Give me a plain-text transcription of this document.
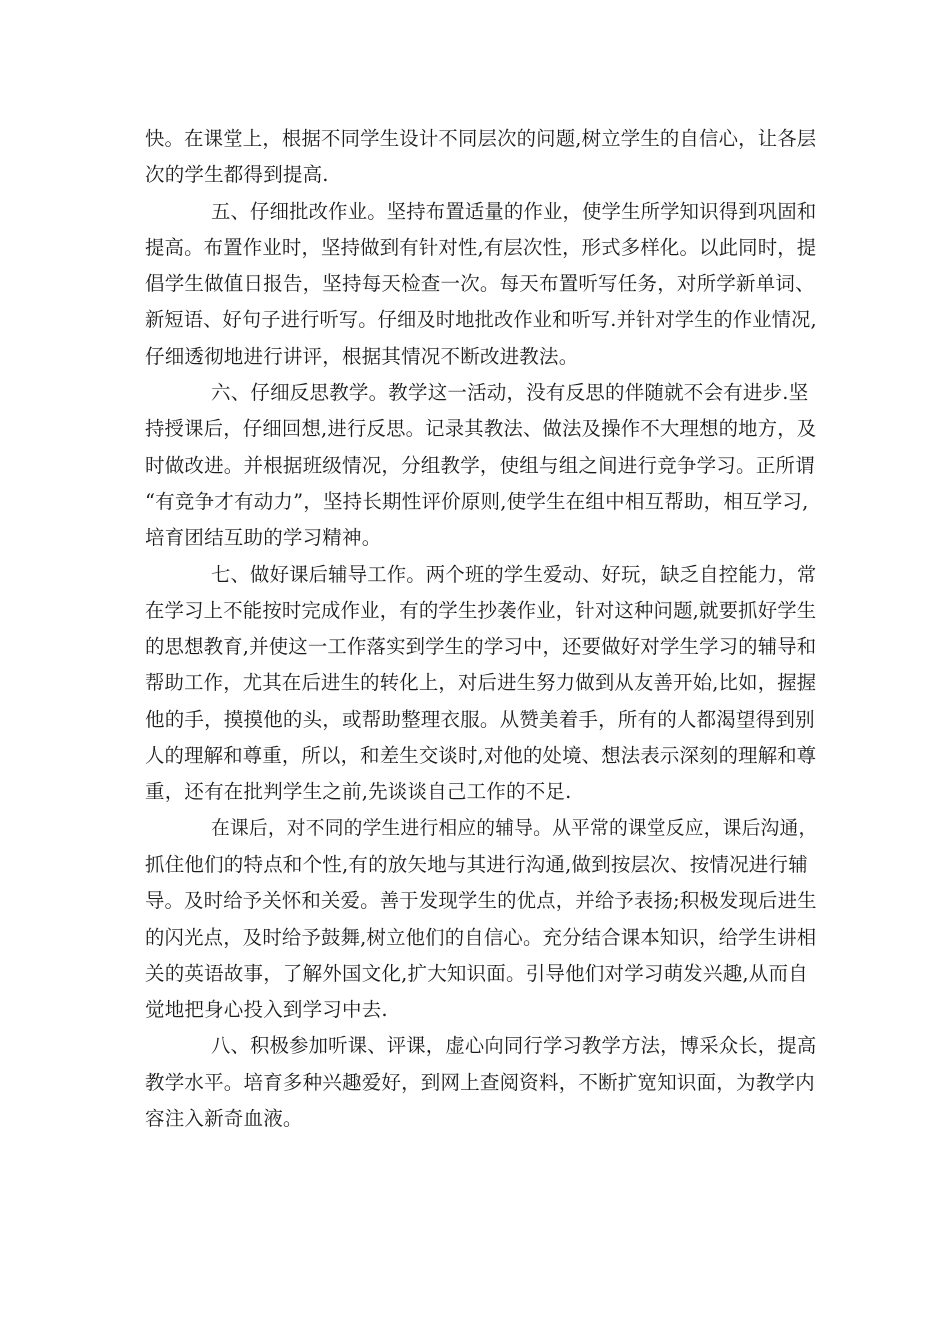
快。在课堂上，根据不同学生设计不同层次的问题,树立学生的自信心，让各层
次的学生都得到提高.
五、仔细批改作业。坚持布置适量的作业，使学生所学知识得到巩固和
提高。布置作业时，坚持做到有针对性,有层次性，形式多样化。以此同时，提
倡学生做值日报告，坚持每天检查一次。每天布置听写任务，对所学新单词、
新短语、好句子进行听写。仔细及时地批改作业和听写.并针对学生的作业情况,
仔细透彻地进行讲评，根据其情况不断改进教法。
六、仔细反思教学。教学这一活动，没有反思的伴随就不会有进步.坚
持授课后，仔细回想,进行反思。记录其教法、做法及操作不大理想的地方，及
时做改进。并根据班级情况，分组教学，使组与组之间进行竞争学习。正所谓
“有竞争才有动力”，坚持长期性评价原则,使学生在组中相互帮助，相互学习,
培育团结互助的学习精神。
七、做好课后辅导工作。两个班的学生爱动、好玩，缺乏自控能力，常
在学习上不能按时完成作业，有的学生抄袭作业，针对这种问题,就要抓好学生
的思想教育,并使这一工作落实到学生的学习中，还要做好对学生学习的辅导和
帮助工作，尤其在后进生的转化上，对后进生努力做到从友善开始,比如，握握
他的手，摸摸他的头，或帮助整理衣服。从赞美着手，所有的人都渴望得到别
人的理解和尊重，所以，和差生交谈时,对他的处境、想法表示深刻的理解和尊
重，还有在批判学生之前,先谈谈自己工作的不足.
在课后，对不同的学生进行相应的辅导。从平常的课堂反应，课后沟通，
抓住他们的特点和个性,有的放矢地与其进行沟通,做到按层次、按情况进行辅
导。及时给予关怀和关爱。善于发现学生的优点，并给予表扬;积极发现后进生
的闪光点，及时给予鼓舞,树立他们的自信心。充分结合课本知识，给学生讲相
关的英语故事，了解外国文化,扩大知识面。引导他们对学习萌发兴趣,从而自
觉地把身心投入到学习中去.
八、积极参加听课、评课，虚心向同行学习教学方法，博采众长，提高
教学水平。培育多种兴趣爱好，到网上查阅资料，不断扩宽知识面，为教学内
容注入新奇血液。
